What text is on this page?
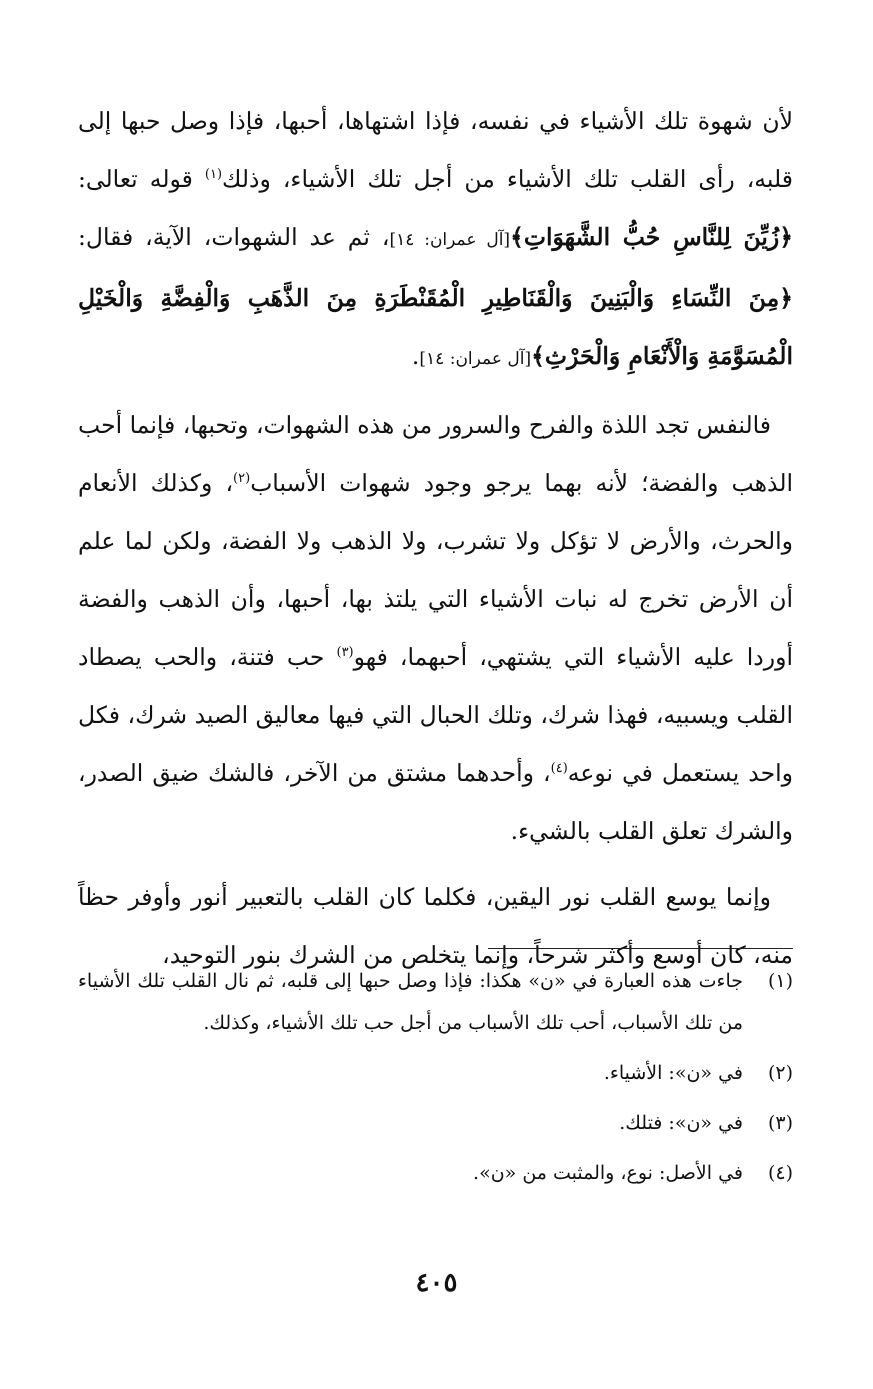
لأن شهوة تلك الأشياء في نفسه، فإذا اشتهاها، أحبها، فإذا وصل حبها إلى قلبه، رأى القلب تلك الأشياء من أجل تلك الأشياء، وذلك$^{(١)}$ قوله تعالى: ﴿زُيِّنَ لِلنَّاسِ حُبُّ الشَّهَوَاتِ﴾[آل عمران: ١٤]، ثم عد الشهوات، الآية، فقال: ﴿مِنَ النِّسَاءِ وَالْبَنِينَ وَالْقَنَاطِيرِ الْمُقَنْطَرَةِ مِنَ الذَّهَبِ وَالْفِضَّةِ وَالْخَيْلِ الْمُسَوَّمَةِ وَالْأَنْعَامِ وَالْحَرْثِ﴾[آل عمران: ١٤].

فالنفس تجد اللذة والفرح والسرور من هذه الشهوات، وتحبها، فإنما أحب الذهب والفضة؛ لأنه بهما يرجو وجود شهوات الأسباب$^{(٢)}$، وكذلك الأنعام والحرث، والأرض لا تؤكل ولا تشرب، ولا الذهب ولا الفضة، ولكن لما علم أن الأرض تخرج له نبات الأشياء التي يلتذ بها، أحبها، وأن الذهب والفضة أوردا عليه الأشياء التي يشتهي، أحبهما، فهو$^{(٣)}$ حب فتنة، والحب يصطاد القلب ويسبيه، فهذا شرك، وتلك الحبال التي فيها معاليق الصيد شرك، فكل واحد يستعمل في نوعه$^{(٤)}$، وأحدهما مشتق من الآخر، فالشك ضيق الصدر، والشرك تعلق القلب بالشيء.

وإنما يوسع القلب نور اليقين، فكلما كان القلب بالتعبير أنور وأوفر حظاً منه، كان أوسع وأكثر شرحاً، وإنما يتخلص من الشرك بنور التوحيد،

(١)
جاءت هذه العبارة في «ن» هكذا: فإذا وصل حبها إلى قلبه، ثم نال القلب تلك الأشياء من تلك الأسباب، أحب تلك الأسباب من أجل حب تلك الأشياء، وكذلك.
(٢)
في «ن»: الأشياء.
(٣)
في «ن»: فتلك.
(٤)
في الأصل: نوع، والمثبت من «ن».
٤٠٥
